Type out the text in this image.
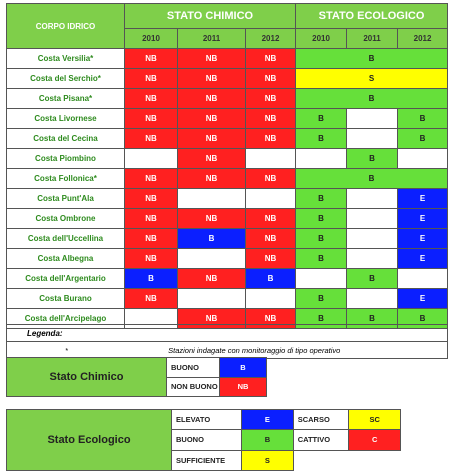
CORPO IDRICO	STATO CHIMICO			STATO ECOLOGICO		
	2010	2011	2012	2010	2011	2012
Costa Versilia*	NB	NB	NB	B		
Costa del Serchio*	NB	NB	NB	S		
Costa Pisana*	NB	NB	NB	B		
Costa Livornese	NB	NB	NB	B		B
Costa del Cecina	NB	NB	NB	B		B
Costa Piombino		NB			B	
Costa Follonica*	NB	NB	NB	B		
Costa Punt'Ala	NB			B		E
Costa Ombrone	NB	NB	NB	B		E
Costa dell'Uccellina	NB	B	NB	B		E
Costa Albegna	NB		NB	B		E
Costa dell'Argentario	B	NB	B		B	
Costa Burano	NB			B		E
Costa dell'Arcipelago		NB	NB	B	B	B
Legenda:
*	Stazioni indagate con monitoraggio di tipo operativo
Stato Chimico	BUONO	B
	NON BUONO	NB
Stato Ecologico	ELEVATO	E	SCARSO	SC
	BUONO	B	CATTIVO	C
	SUFFICIENTE	S		
